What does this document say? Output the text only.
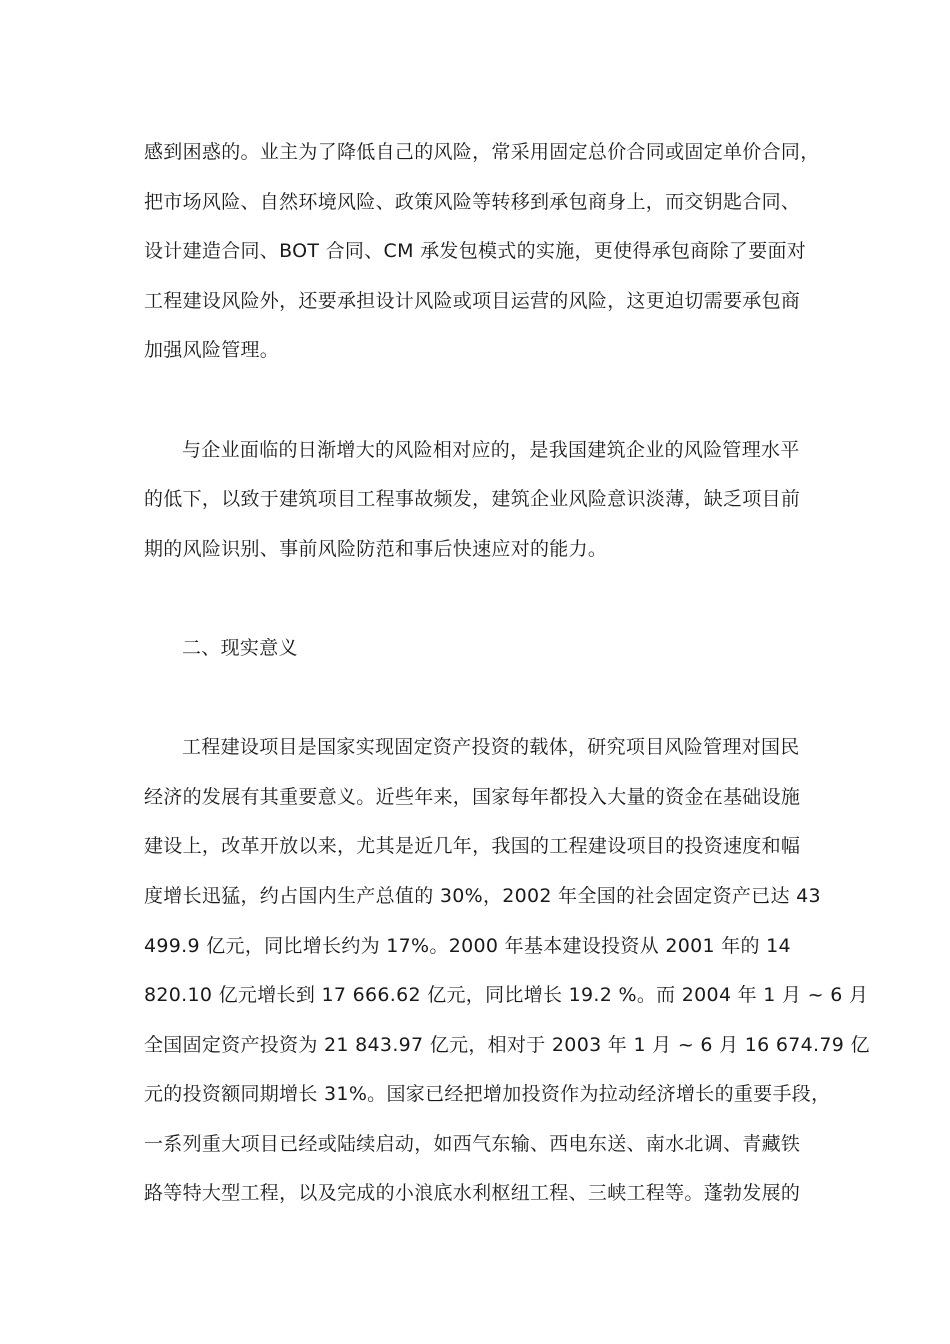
感到困惑的。业主为了降低自己的风险，常采用固定总价合同或固定单价合同，
把市场风险、自然环境风险、政策风险等转移到承包商身上，而交钥匙合同、
设计建造合同、BOT 合同、CM 承发包模式的实施，更使得承包商除了要面对
工程建设风险外，还要承担设计风险或项目运营的风险，这更迫切需要承包商
加强风险管理。
与企业面临的日渐增大的风险相对应的，是我国建筑企业的风险管理水平
的低下，以致于建筑项目工程事故频发，建筑企业风险意识淡薄，缺乏项目前
期的风险识别、事前风险防范和事后快速应对的能力。
二、现实意义
工程建设项目是国家实现固定资产投资的载体，研究项目风险管理对国民
经济的发展有其重要意义。近些年来，国家每年都投入大量的资金在基础设施
建设上，改革开放以来，尤其是近几年，我国的工程建设项目的投资速度和幅
度增长迅猛，约占国内生产总值的 30%，2002 年全国的社会固定资产已达 43
499.9 亿元，同比增长约为 17%。2000 年基本建设投资从 2001 年的 14
820.10 亿元增长到 17 666.62 亿元，同比增长 19.2 %。而 2004 年 1 月 ~ 6 月
全国固定资产投资为 21 843.97 亿元，相对于 2003 年 1 月 ~ 6 月 16 674.79 亿
元的投资额同期增长 31%。国家已经把增加投资作为拉动经济增长的重要手段，
一系列重大项目已经或陆续启动，如西气东输、西电东送、南水北调、青藏铁
路等特大型工程，以及完成的小浪底水利枢纽工程、三峡工程等。蓬勃发展的
